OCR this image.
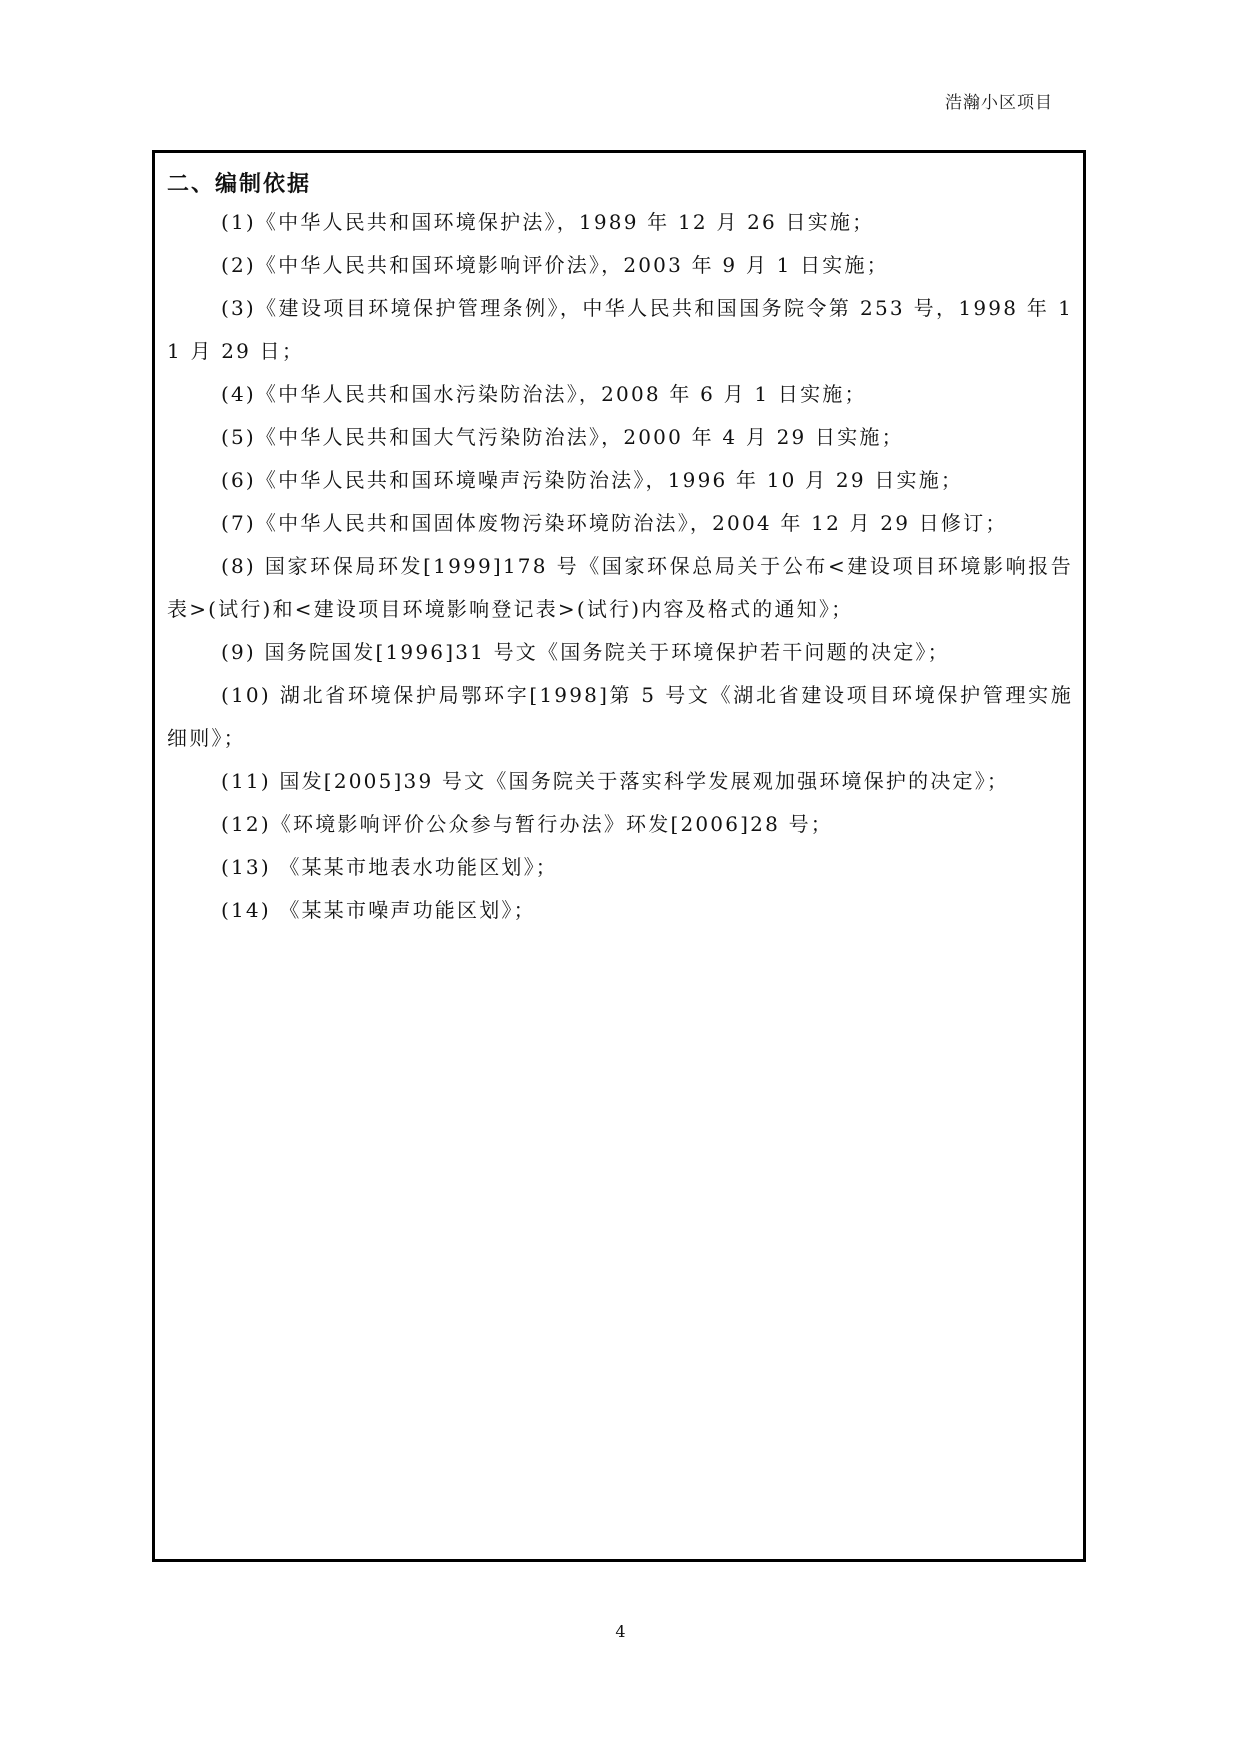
浩瀚小区项目
二、编制依据
(1)《中华人民共和国环境保护法》，1989 年 12 月 26 日实施；
(2)《中华人民共和国环境影响评价法》，2003 年 9 月 1 日实施；
(3)《建设项目环境保护管理条例》，中华人民共和国国务院令第 253 号，1998 年 11 月 29 日；
(4)《中华人民共和国水污染防治法》，2008 年 6 月 1 日实施；
(5)《中华人民共和国大气污染防治法》，2000 年 4 月 29 日实施；
(6)《中华人民共和国环境噪声污染防治法》，1996 年 10 月 29 日实施；
(7)《中华人民共和国固体废物污染环境防治法》，2004 年 12 月 29 日修订；
(8) 国家环保局环发[1999]178 号《国家环保总局关于公布<建设项目环境影响报告表>(试行)和<建设项目环境影响登记表>(试行)内容及格式的通知》；
(9) 国务院国发[1996]31 号文《国务院关于环境保护若干问题的决定》；
(10) 湖北省环境保护局鄂环字[1998]第 5 号文《湖北省建设项目环境保护管理实施细则》；
(11) 国发[2005]39 号文《国务院关于落实科学发展观加强环境保护的决定》；
(12)《环境影响评价公众参与暂行办法》环发[2006]28 号；
(13) 《某某市地表水功能区划》；
(14) 《某某市噪声功能区划》；
4
